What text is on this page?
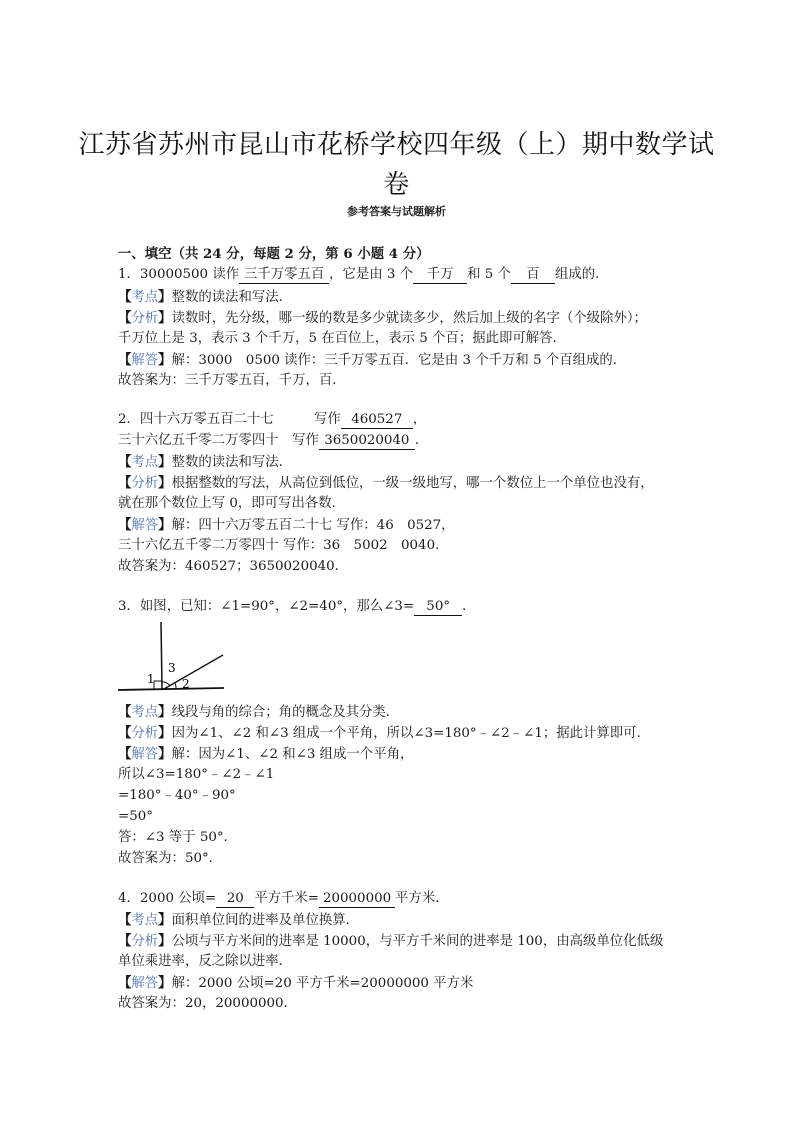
江苏省苏州市昆山市花桥学校四年级（上）期中数学试
卷
参考答案与试题解析
一、填空（共 24 分，每题 2 分，第 6 小题 4 分）
1．30000500 读作 三千万零五百 ，它是由 3 个 千万 和 5 个 百 组成的．
【考点】整数的读法和写法．
【分析】读数时，先分级，哪一级的数是多少就读多少，然后加上级的名字（个级除外）；
千万位上是 3，表示 3 个千万，5 在百位上，表示 5 个百；据此即可解答．
【解答】解：3000　0500 读作：三千万零五百．它是由 3 个千万和 5 个百组成的．
故答案为：三千万零五百，千万，百．
2．四十六万零五百二十七　　　写作 460527 ，
三十六亿五千零二万零四十　写作 3650020040 ．
【考点】整数的读法和写法．
【分析】根据整数的写法，从高位到低位，一级一级地写，哪一个数位上一个单位也没有，
就在那个数位上写 0，即可写出各数．
【解答】解：四十六万零五百二十七 写作：46　0527，
三十六亿五千零二万零四十 写作：36　5002　0040．
故答案为：460527；3650020040．
3．如图，已知：∠1=90°，∠2=40°，那么∠3= 50° ．
1
3
2
【考点】线段与角的综合；角的概念及其分类．
【分析】因为∠1、∠2 和∠3 组成一个平角，所以∠3=180°﹣∠2﹣∠1；据此计算即可．
【解答】解：因为∠1、∠2 和∠3 组成一个平角，
所以∠3=180°﹣∠2﹣∠1
=180°﹣40°﹣90°
=50°
答：∠3 等于 50°．
故答案为：50°．
4．2000 公顷= 20 平方千米= 20000000 平方米．
【考点】面积单位间的进率及单位换算．
【分析】公顷与平方米间的进率是 10000，与平方千米间的进率是 100，由高级单位化低级
单位乘进率，反之除以进率．
【解答】解：2000 公顷=20 平方千米=20000000 平方米
故答案为：20，20000000．
